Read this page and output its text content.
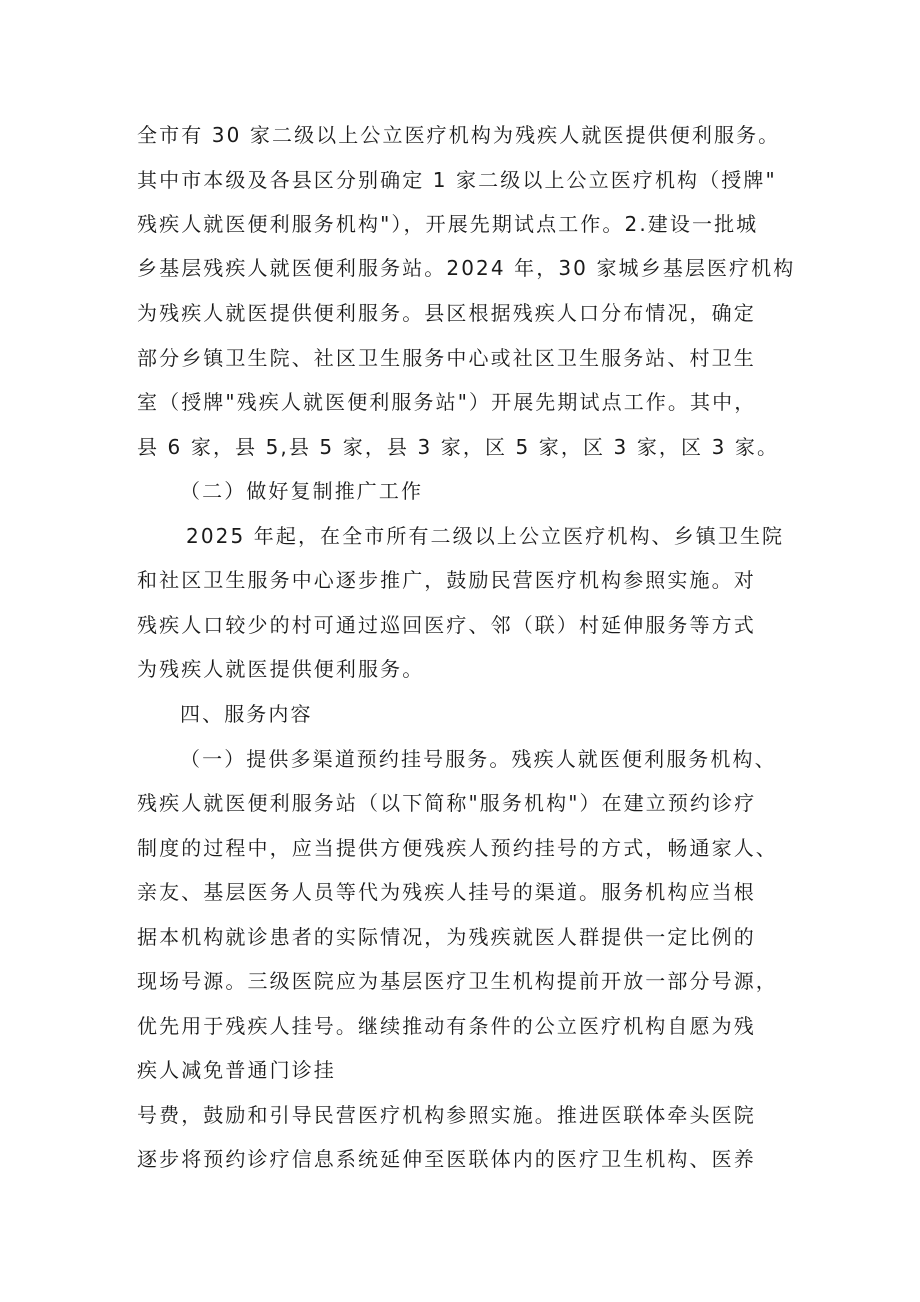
全市有 30 家二级以上公立医疗机构为残疾人就医提供便利服务。
其中市本级及各县区分别确定 1 家二级以上公立医疗机构（授牌"
残疾人就医便利服务机构"），开展先期试点工作。2.建设一批城
乡基层残疾人就医便利服务站。2024 年，30 家城乡基层医疗机构
为残疾人就医提供便利服务。县区根据残疾人口分布情况，确定
部分乡镇卫生院、社区卫生服务中心或社区卫生服务站、村卫生
室（授牌"残疾人就医便利服务站"）开展先期试点工作。其中，
县 6 家，县 5,县 5 家，县 3 家，区 5 家，区 3 家，区 3 家。
（二）做好复制推广工作
2025 年起，在全市所有二级以上公立医疗机构、乡镇卫生院
和社区卫生服务中心逐步推广，鼓励民营医疗机构参照实施。对
残疾人口较少的村可通过巡回医疗、邻（联）村延伸服务等方式
为残疾人就医提供便利服务。
四、服务内容
（一）提供多渠道预约挂号服务。残疾人就医便利服务机构、
残疾人就医便利服务站（以下简称"服务机构"）在建立预约诊疗
制度的过程中，应当提供方便残疾人预约挂号的方式，畅通家人、
亲友、基层医务人员等代为残疾人挂号的渠道。服务机构应当根
据本机构就诊患者的实际情况，为残疾就医人群提供一定比例的
现场号源。三级医院应为基层医疗卫生机构提前开放一部分号源，
优先用于残疾人挂号。继续推动有条件的公立医疗机构自愿为残
疾人减免普通门诊挂
号费，鼓励和引导民营医疗机构参照实施。推进医联体牵头医院
逐步将预约诊疗信息系统延伸至医联体内的医疗卫生机构、医养
